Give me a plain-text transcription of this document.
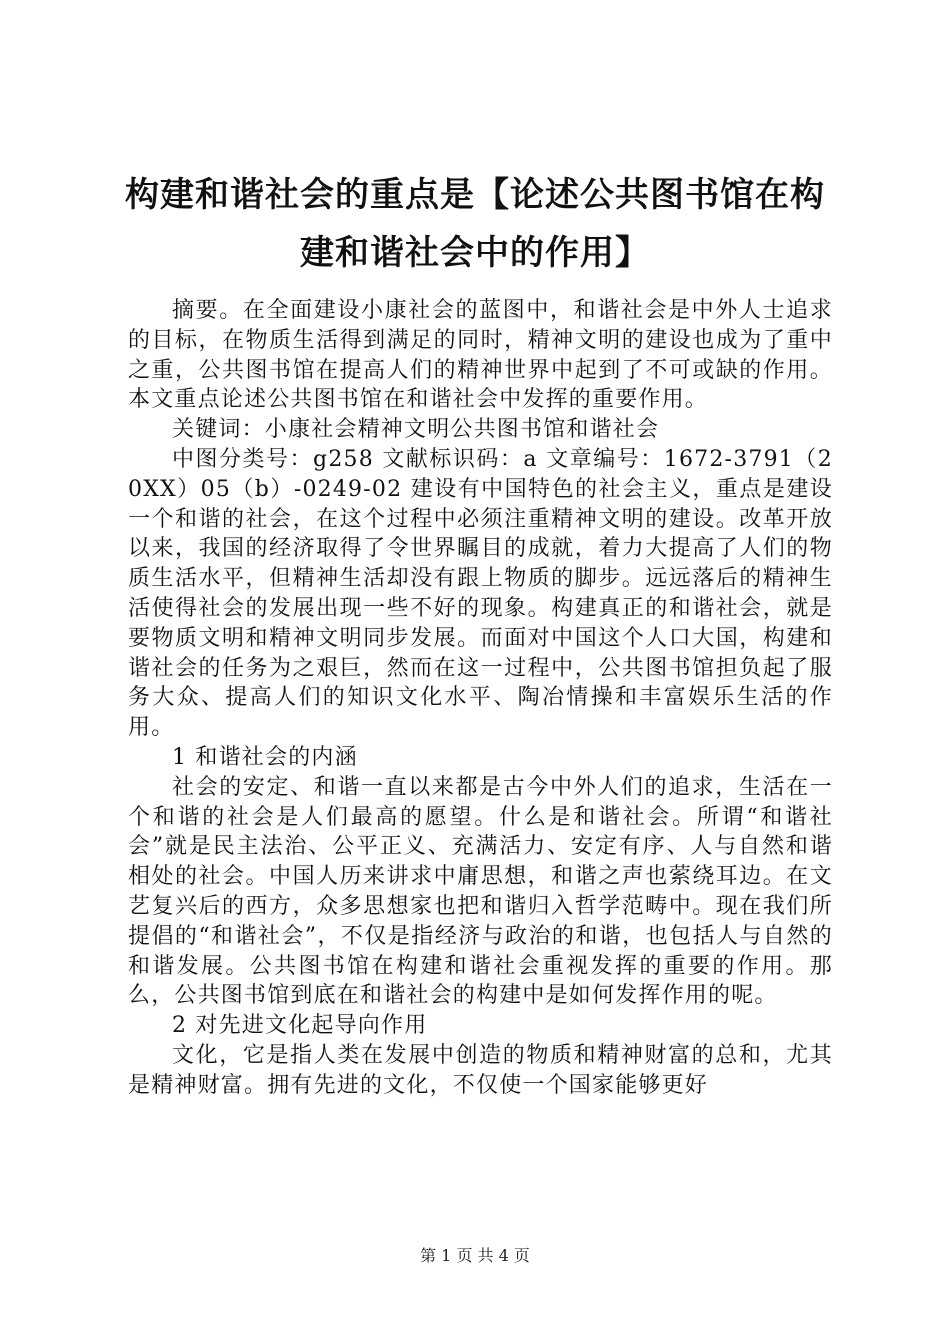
构建和谐社会的重点是【论述公共图书馆在构建和谐社会中的作用】

摘要。在全面建设小康社会的蓝图中，和谐社会是中外人士追求的目标，在物质生活得到满足的同时，精神文明的建设也成为了重中之重，公共图书馆在提高人们的精神世界中起到了不可或缺的作用。本文重点论述公共图书馆在和谐社会中发挥的重要作用。

关键词：小康社会精神文明公共图书馆和谐社会

中图分类号：g258 文献标识码：a 文章编号：1672-3791（20XX）05（b）-0249-02 建设有中国特色的社会主义，重点是建设一个和谐的社会，在这个过程中必须注重精神文明的建设。改革开放以来，我国的经济取得了令世界瞩目的成就，着力大提高了人们的物质生活水平，但精神生活却没有跟上物质的脚步。远远落后的精神生活使得社会的发展出现一些不好的现象。构建真正的和谐社会，就是要物质文明和精神文明同步发展。而面对中国这个人口大国，构建和谐社会的任务为之艰巨，然而在这一过程中，公共图书馆担负起了服务大众、提高人们的知识文化水平、陶冶情操和丰富娱乐生活的作用。

1 和谐社会的内涵

社会的安定、和谐一直以来都是古今中外人们的追求，生活在一个和谐的社会是人们最高的愿望。什么是和谐社会。所谓“和谐社会”就是民主法治、公平正义、充满活力、安定有序、人与自然和谐相处的社会。中国人历来讲求中庸思想，和谐之声也萦绕耳边。在文艺复兴后的西方，众多思想家也把和谐归入哲学范畴中。现在我们所提倡的“和谐社会”，不仅是指经济与政治的和谐，也包括人与自然的和谐发展。公共图书馆在构建和谐社会重视发挥的重要的作用。那么，公共图书馆到底在和谐社会的构建中是如何发挥作用的呢。

2 对先进文化起导向作用

文化，它是指人类在发展中创造的物质和精神财富的总和，尤其是精神财富。拥有先进的文化，不仅使一个国家能够更好

第 1 页 共 4 页
